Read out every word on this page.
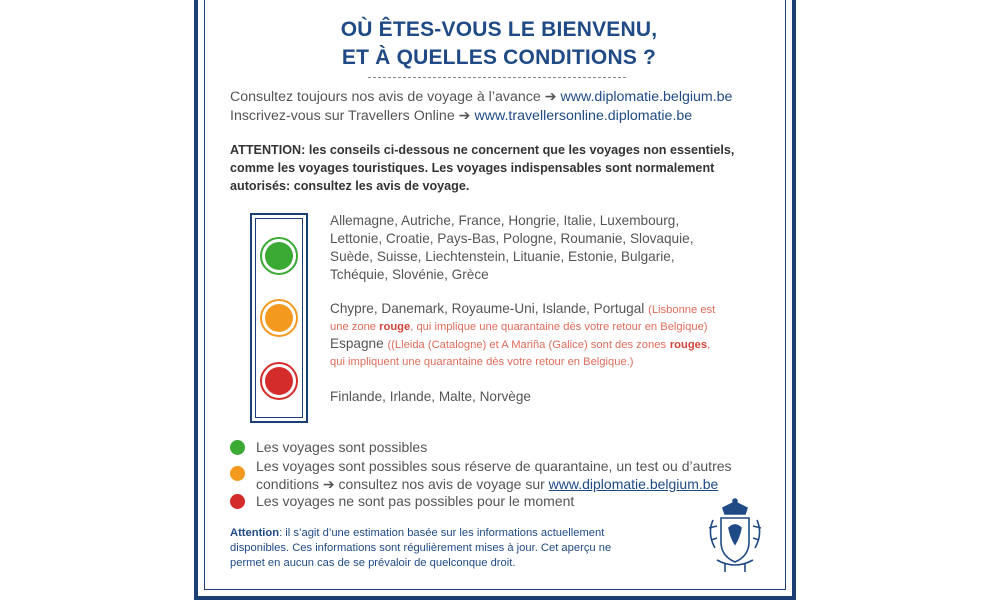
OÙ ÊTES-VOUS LE BIENVENU,
ET À QUELLES CONDITIONS ?
Consultez toujours nos avis de voyage à l’avance ➔ www.diplomatie.belgium.be
Inscrivez-vous sur Travellers Online ➔ www.travellersonline.diplomatie.be
ATTENTION: les conseils ci-dessous ne concernent que les voyages non essentiels,
comme les voyages touristiques. Les voyages indispensables sont normalement
autorisés: consultez les avis de voyage.
Allemagne, Autriche, France, Hongrie, Italie, Luxembourg,
Lettonie, Croatie, Pays-Bas, Pologne, Roumanie, Slovaquie,
Suède, Suisse, Liechtenstein, Lituanie, Estonie, Bulgarie,
Tchéquie, Slovénie, Grèce
Chypre, Danemark, Royaume-Uni, Islande, Portugal (Lisbonne est
une zone rouge, qui implique une quarantaine dès votre retour en Belgique)
Espagne ((Lleida (Catalogne) et A Mariña (Galice) sont des zones rouges,
qui impliquent une quarantaine dès votre retour en Belgique.)
Finlande, Irlande, Malte, Norvège
Les voyages sont possibles
Les voyages sont possibles sous réserve de quarantaine, un test ou d’autres
conditions ➔ consultez nos avis de voyage sur www.diplomatie.belgium.be
Les voyages ne sont pas possibles pour le moment
Attention: il s’agit d’une estimation basée sur les informations actuellement
disponibles. Ces informations sont régulièrement mises à jour. Cet aperçu ne
permet en aucun cas de se prévaloir de quelconque droit.
